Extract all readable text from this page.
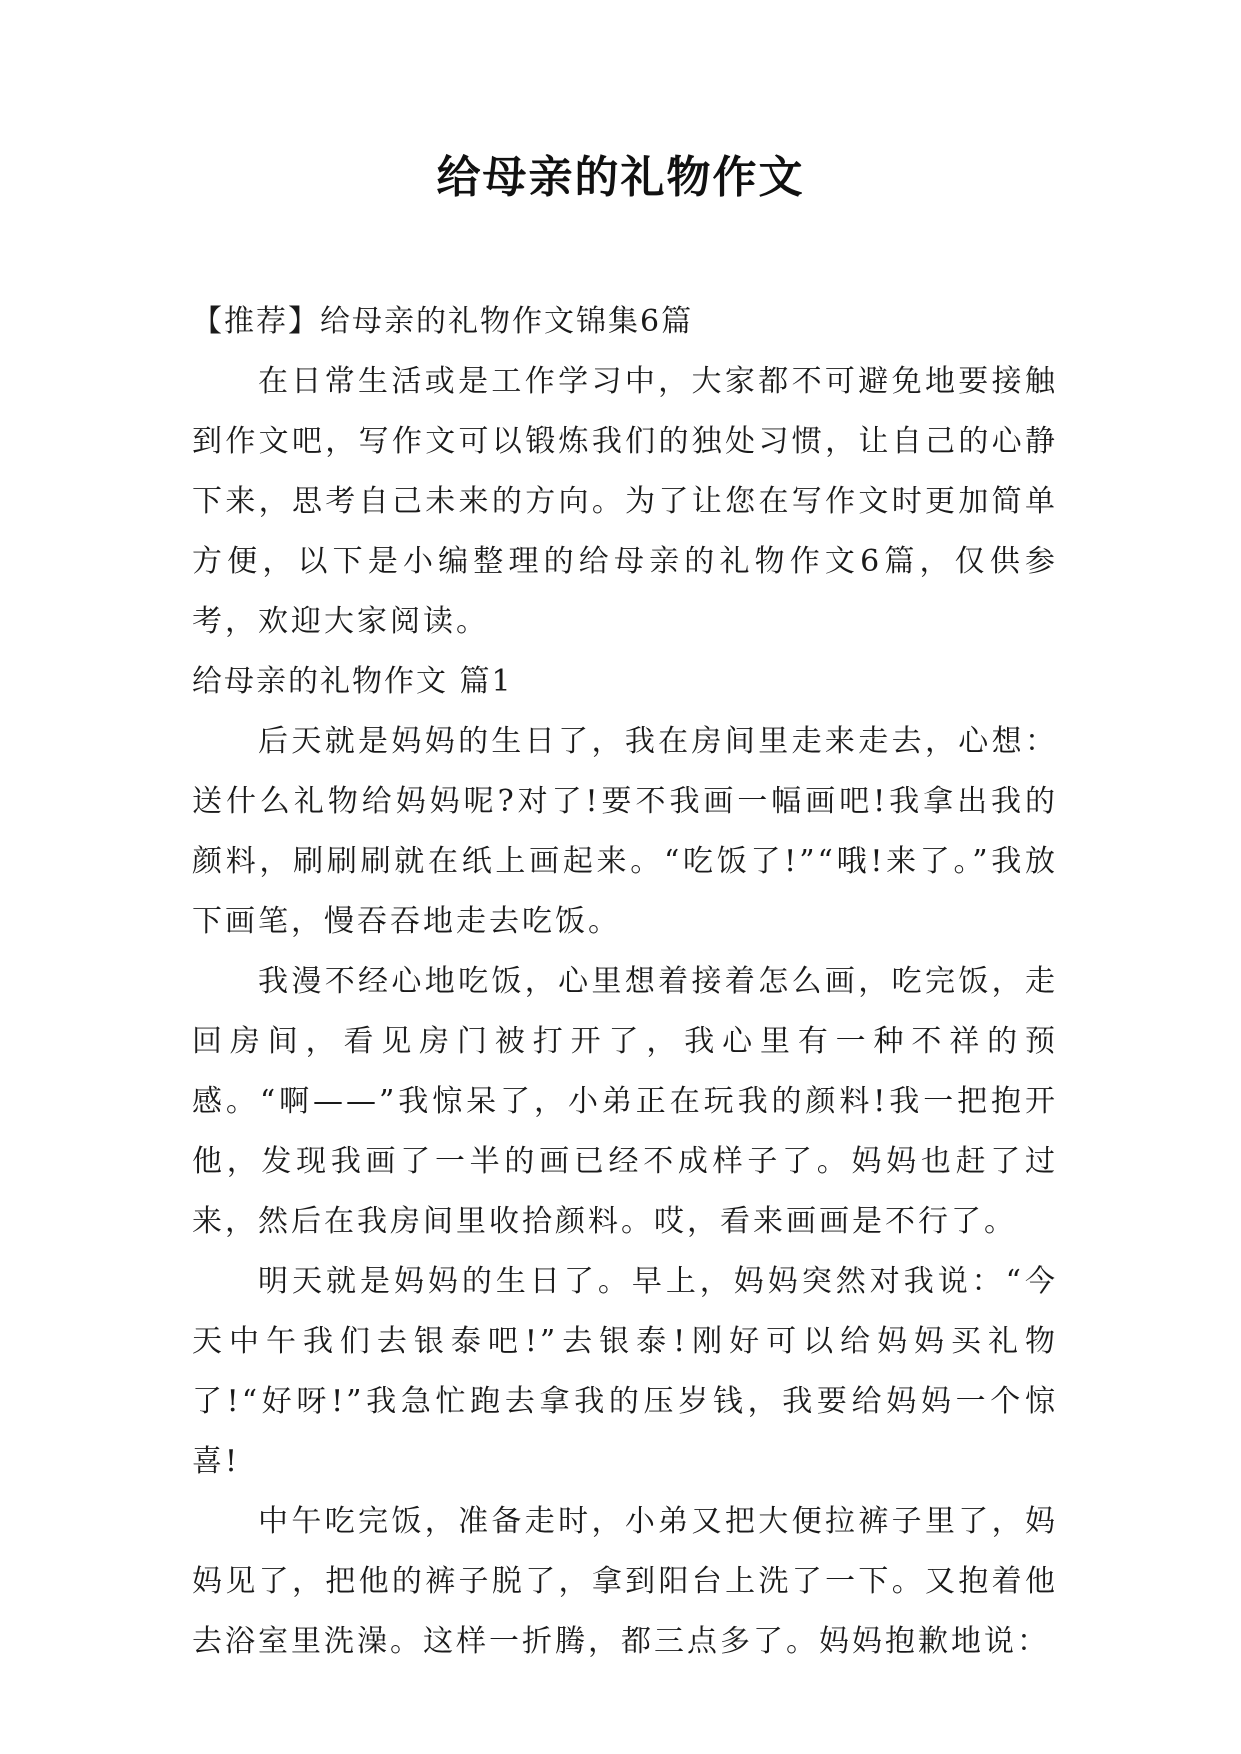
给母亲的礼物作文

【推荐】给母亲的礼物作文锦集6篇

在日常生活或是工作学习中，大家都不可避免地要接触到作文吧，写作文可以锻炼我们的独处习惯，让自己的心静下来，思考自己未来的方向。为了让您在写作文时更加简单方便，以下是小编整理的给母亲的礼物作文6篇，仅供参考，欢迎大家阅读。

给母亲的礼物作文 篇1

后天就是妈妈的生日了，我在房间里走来走去，心想：送什么礼物给妈妈呢?对了!要不我画一幅画吧!我拿出我的颜料，刷刷刷就在纸上画起来。“吃饭了!”“哦!来了。”我放下画笔，慢吞吞地走去吃饭。

我漫不经心地吃饭，心里想着接着怎么画，吃完饭，走回房间，看见房门被打开了，我心里有一种不祥的预感。“啊——”我惊呆了，小弟正在玩我的颜料!我一把抱开他，发现我画了一半的画已经不成样子了。妈妈也赶了过来，然后在我房间里收拾颜料。哎，看来画画是不行了。

明天就是妈妈的生日了。早上，妈妈突然对我说：“今天中午我们去银泰吧!”去银泰!刚好可以给妈妈买礼物了!“好呀!”我急忙跑去拿我的压岁钱，我要给妈妈一个惊喜!

中午吃完饭，准备走时，小弟又把大便拉裤子里了，妈妈见了，把他的裤子脱了，拿到阳台上洗了一下。又抱着他去浴室里洗澡。这样一折腾，都三点多了。妈妈抱歉地说：
